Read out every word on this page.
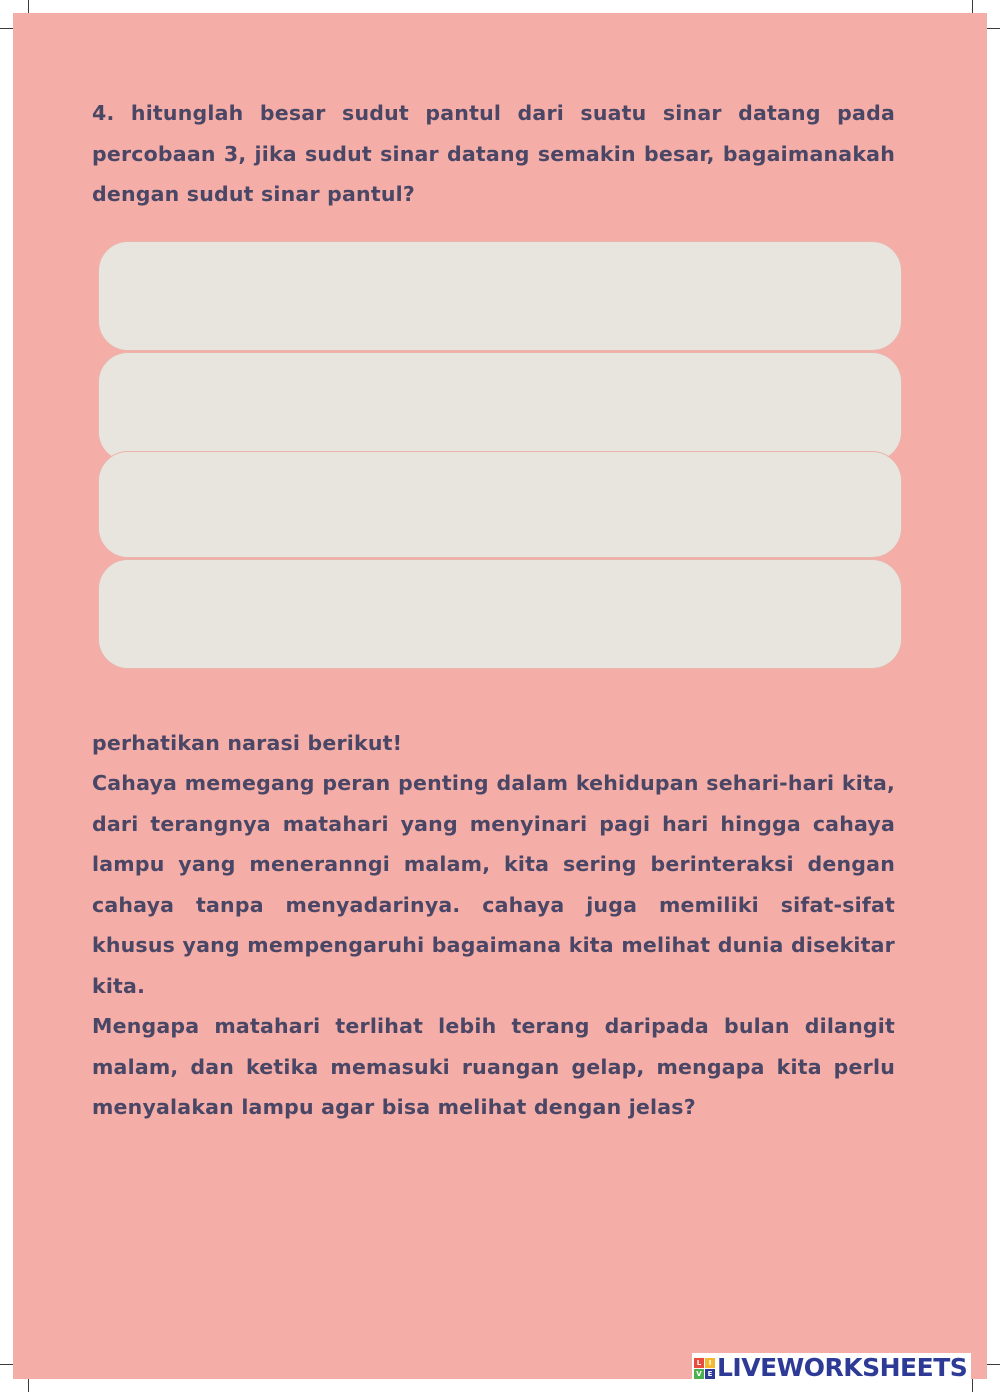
4. hitunglah besar sudut pantul dari suatu sinar datang pada percobaan 3, jika sudut sinar datang semakin besar, bagaimanakah dengan sudut sinar pantul?
perhatikan narasi berikut!
Cahaya memegang peran penting dalam kehidupan sehari-hari kita, dari terangnya matahari yang menyinari pagi hari hingga cahaya lampu yang meneranngi malam, kita sering berinteraksi dengan cahaya tanpa menyadarinya. cahaya juga memiliki sifat-sifat khusus yang mempengaruhi bagaimana kita melihat dunia disekitar kita.
Mengapa matahari terlihat lebih terang daripada bulan dilangit malam, dan ketika memasuki ruangan gelap, mengapa kita perlu menyalakan lampu agar bisa melihat dengan jelas?
L	I
V E LIVEWORKSHEETS
